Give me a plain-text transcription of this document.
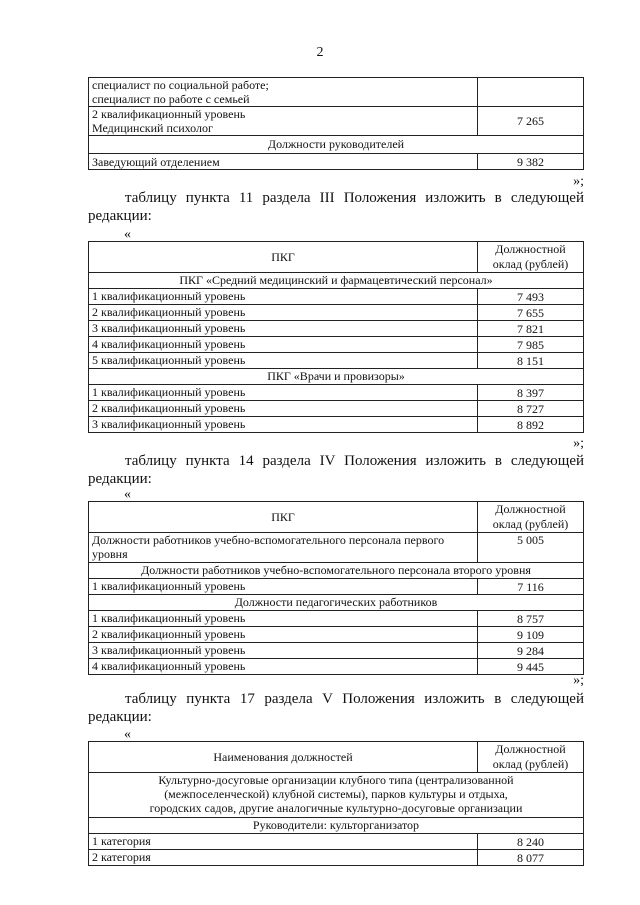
2
специалист по социальной работе;
специалист по работе с семьей	
2 квалификационный уровень
Медицинский психолог	7 265
Должности руководителей	
Заведующий отделением	9 382
»;
таблицу пункта 11 раздела III Положения изложить в следующей редакции:
«
ПКГ	Должностной
оклад (рублей)
ПКГ «Средний медицинский и фармацевтический персонал»	
1 квалификационный уровень	7 493
2 квалификационный уровень	7 655
3 квалификационный уровень	7 821
4 квалификационный уровень	7 985
5 квалификационный уровень	8 151
ПКГ «Врачи и провизоры»	
1 квалификационный уровень	8 397
2 квалификационный уровень	8 727
3 квалификационный уровень	8 892
»;
таблицу пункта 14 раздела IV Положения изложить в следующей редакции:
«
ПКГ	Должностной
оклад (рублей)
Должности работников учебно-вспомогательного персонала первого уровня	5 005
Должности работников учебно-вспомогательного персонала второго уровня	
1 квалификационный уровень	7 116
Должности педагогических работников	
1 квалификационный уровень	8 757
2 квалификационный уровень	9 109
3 квалификационный уровень	9 284
4 квалификационный уровень	9 445
»;
таблицу пункта 17 раздела V Положения изложить в следующей редакции:
«
Наименования должностей	Должностной
оклад (рублей)
Культурно-досуговые организации клубного типа (централизованной (межпоселенческой) клубной системы), парков культуры и отдыха, городских садов, другие аналогичные культурно-досуговые организации	
Руководители: культорганизатор	
1 категория	8 240
2 категория	8 077
